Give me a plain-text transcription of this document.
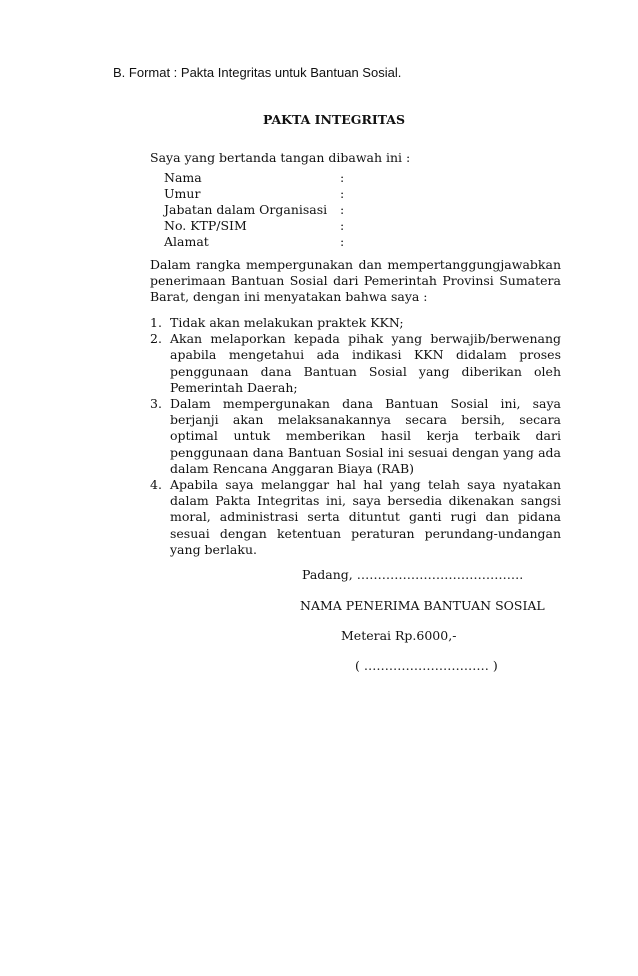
B. Format : Pakta Integritas untuk Bantuan Sosial.
PAKTA INTEGRITAS
Saya yang bertanda tangan dibawah ini :
Nama	:
Umur	:
Jabatan dalam Organisasi :
No. KTP/SIM	:
Alamat	:
Dalam rangka mempergunakan dan mempertanggungjawabkan penerimaan Bantuan Sosial dari Pemerintah Provinsi Sumatera Barat, dengan ini menyatakan bahwa saya :
1. Tidak akan melakukan praktek KKN;
2. Akan melaporkan kepada pihak yang berwajib/berwenang apabila mengetahui ada indikasi KKN didalam proses penggunaan dana Bantuan Sosial yang diberikan oleh Pemerintah Daerah;
3. Dalam mempergunakan dana Bantuan Sosial ini, saya berjanji akan melaksanakannya secara bersih, secara optimal untuk memberikan hasil kerja terbaik dari penggunaan dana Bantuan Sosial ini sesuai dengan yang ada dalam Rencana Anggaran Biaya (RAB)
4. Apabila saya melanggar hal hal yang telah saya nyatakan dalam Pakta Integritas ini, saya bersedia dikenakan sangsi moral, administrasi serta dituntut ganti rugi dan pidana sesuai dengan ketentuan peraturan perundang-undangan yang berlaku.
Padang, ………………………………….
NAMA PENERIMA BANTUAN SOSIAL
Meterai Rp.6000,-
( ………………………… )
